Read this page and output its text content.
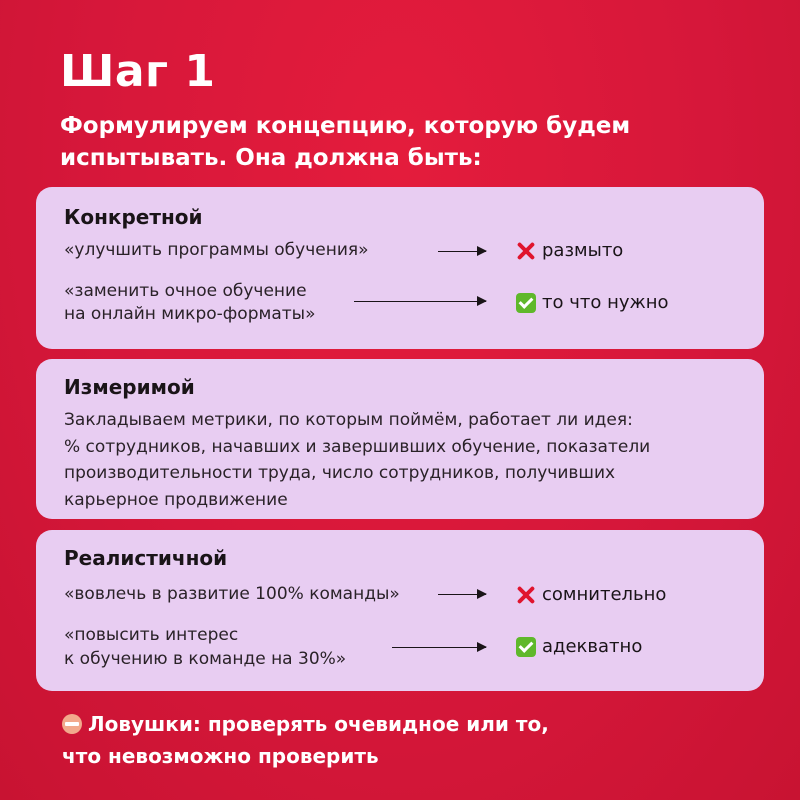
Шаг 1
Формулируем концепцию, которую будем испытывать. Она должна быть:
Конкретной
«улучшить программы обучения»	размыто
«заменить очное обучение
на онлайн микро-форматы»
то что нужно
Измеримой
Закладываем метрики, по которым поймём, работает ли идея:
% сотрудников, начавших и завершивших обучение, показатели
производительности труда, число сотрудников, получивших
карьерное продвижение
Реалистичной
«вовлечь в развитие 100% команды»	сомнительно
«повысить интерес
к обучению в команде на 30%»
адекватно
Ловушки: проверять очевидное или то,
что невозможно проверить
